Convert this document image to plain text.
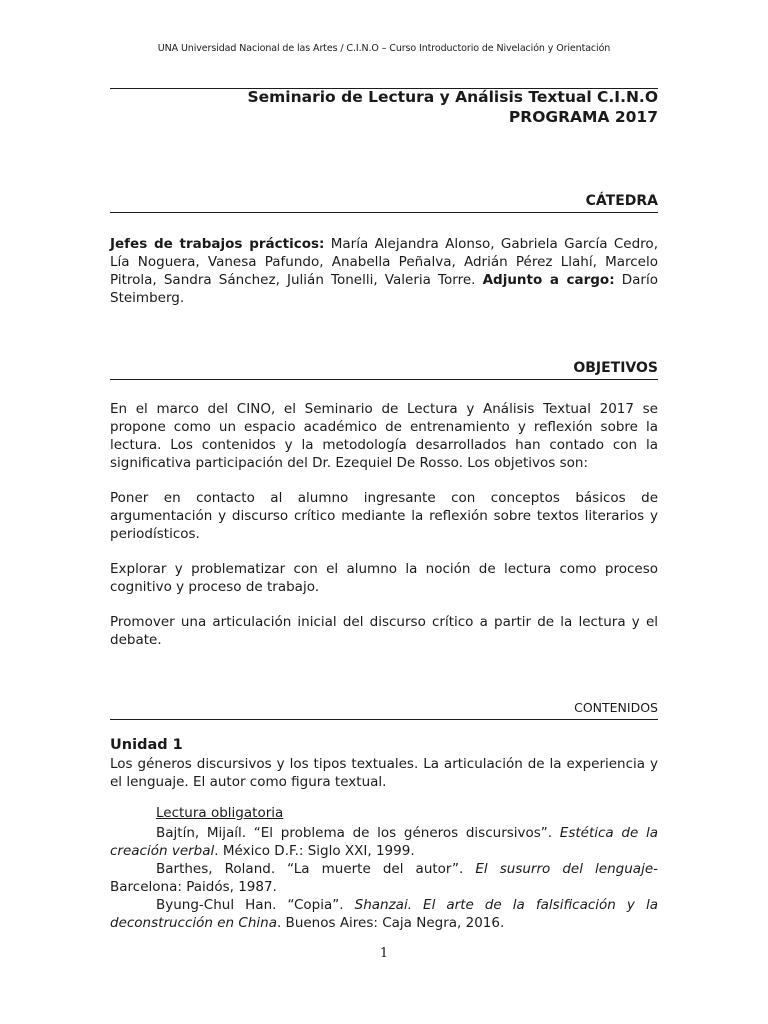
UNA Universidad Nacional de las Artes / C.I.N.O – Curso Introductorio de Nivelación y Orientación
Seminario de Lectura y Análisis Textual C.I.N.O
PROGRAMA 2017
CÁTEDRA

Jefes de trabajos prácticos: María Alejandra Alonso, Gabriela García Cedro, Lía Noguera, Vanesa Pafundo, Anabella Peñalva, Adrián Pérez Llahí, Marcelo Pitrola, Sandra Sánchez, Julián Tonelli, Valeria Torre. Adjunto a cargo: Darío Steimberg.

OBJETIVOS

En el marco del CINO, el Seminario de Lectura y Análisis Textual 2017 se propone como un espacio académico de entrenamiento y reflexión sobre la lectura. Los contenidos y la metodología desarrollados han contado con la significativa participación del Dr. Ezequiel De Rosso. Los objetivos son:

Poner en contacto al alumno ingresante con conceptos básicos de argumentación y discurso crítico mediante la reflexión sobre textos literarios y periodísticos.

Explorar y problematizar con el alumno la noción de lectura como proceso cognitivo y proceso de trabajo.

Promover una articulación inicial del discurso crítico a partir de la lectura y el debate.

CONTENIDOS
Unidad 1

Los géneros discursivos y los tipos textuales. La articulación de la experiencia y el lenguaje. El autor como figura textual.

Lectura obligatoria

Bajtín, Mijaíl. “El problema de los géneros discursivos”. Estética de la creación verbal. México D.F.: Siglo XXI, 1999.

Barthes, Roland. “La muerte del autor”. El susurro del lenguaje- Barcelona: Paidós, 1987.

Byung-Chul Han. “Copia”. Shanzai. El arte de la falsificación y la deconstrucción en China. Buenos Aires: Caja Negra, 2016.

1
